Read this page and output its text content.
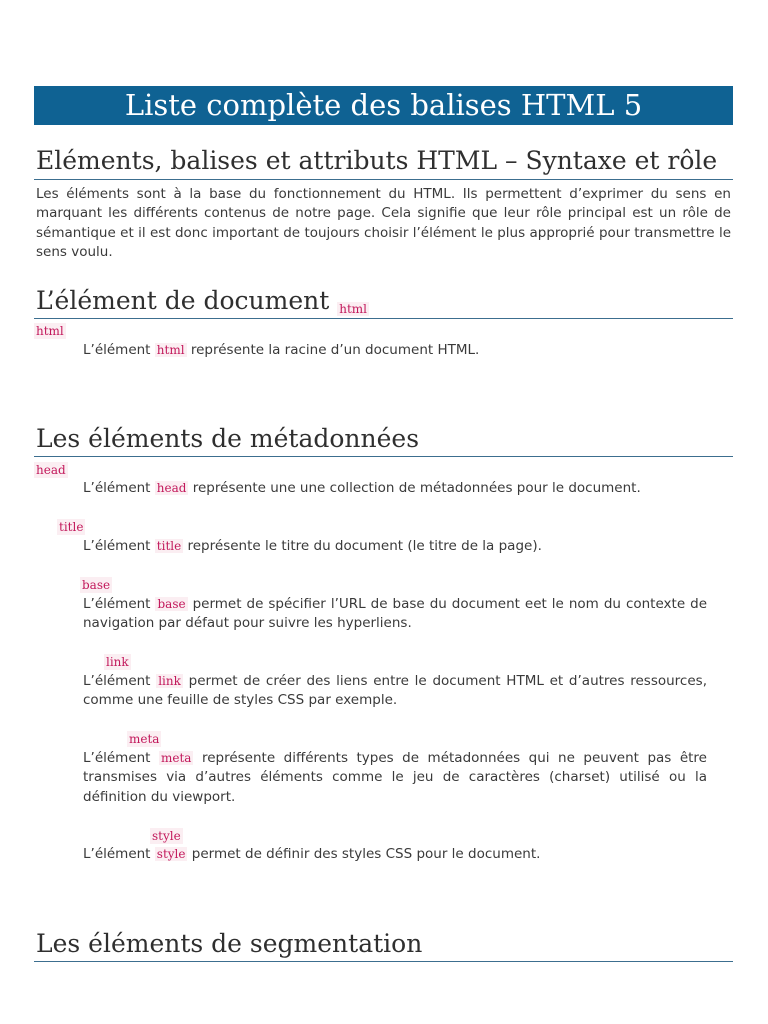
Liste complète des balises HTML 5
Eléments, balises et attributs HTML – Syntaxe et rôle

Les éléments sont à la base du fonctionnement du HTML. Ils permettent d’exprimer du sens en marquant les différents contenus de notre page. Cela signifie que leur rôle principal est un rôle de sémantique et il est donc important de toujours choisir l’élément le plus approprié pour transmettre le sens voulu.

L’élément de document html
html

L’élément html représente la racine d’un document HTML.

Les éléments de métadonnées
head

L’élément head représente une une collection de métadonnées pour le document.

title

L’élément title représente le titre du document (le titre de la page).

base

L’élément base permet de spécifier l’URL de base du document eet le nom du contexte de navigation par défaut pour suivre les hyperliens.

link

L’élément link permet de créer des liens entre le document HTML et d’autres ressources, comme une feuille de styles CSS par exemple.

meta

L’élément meta représente différents types de métadonnées qui ne peuvent pas être transmises via d’autres éléments comme le jeu de caractères (charset) utilisé ou la définition du viewport.

style

L’élément style permet de définir des styles CSS pour le document.

Les éléments de segmentation
